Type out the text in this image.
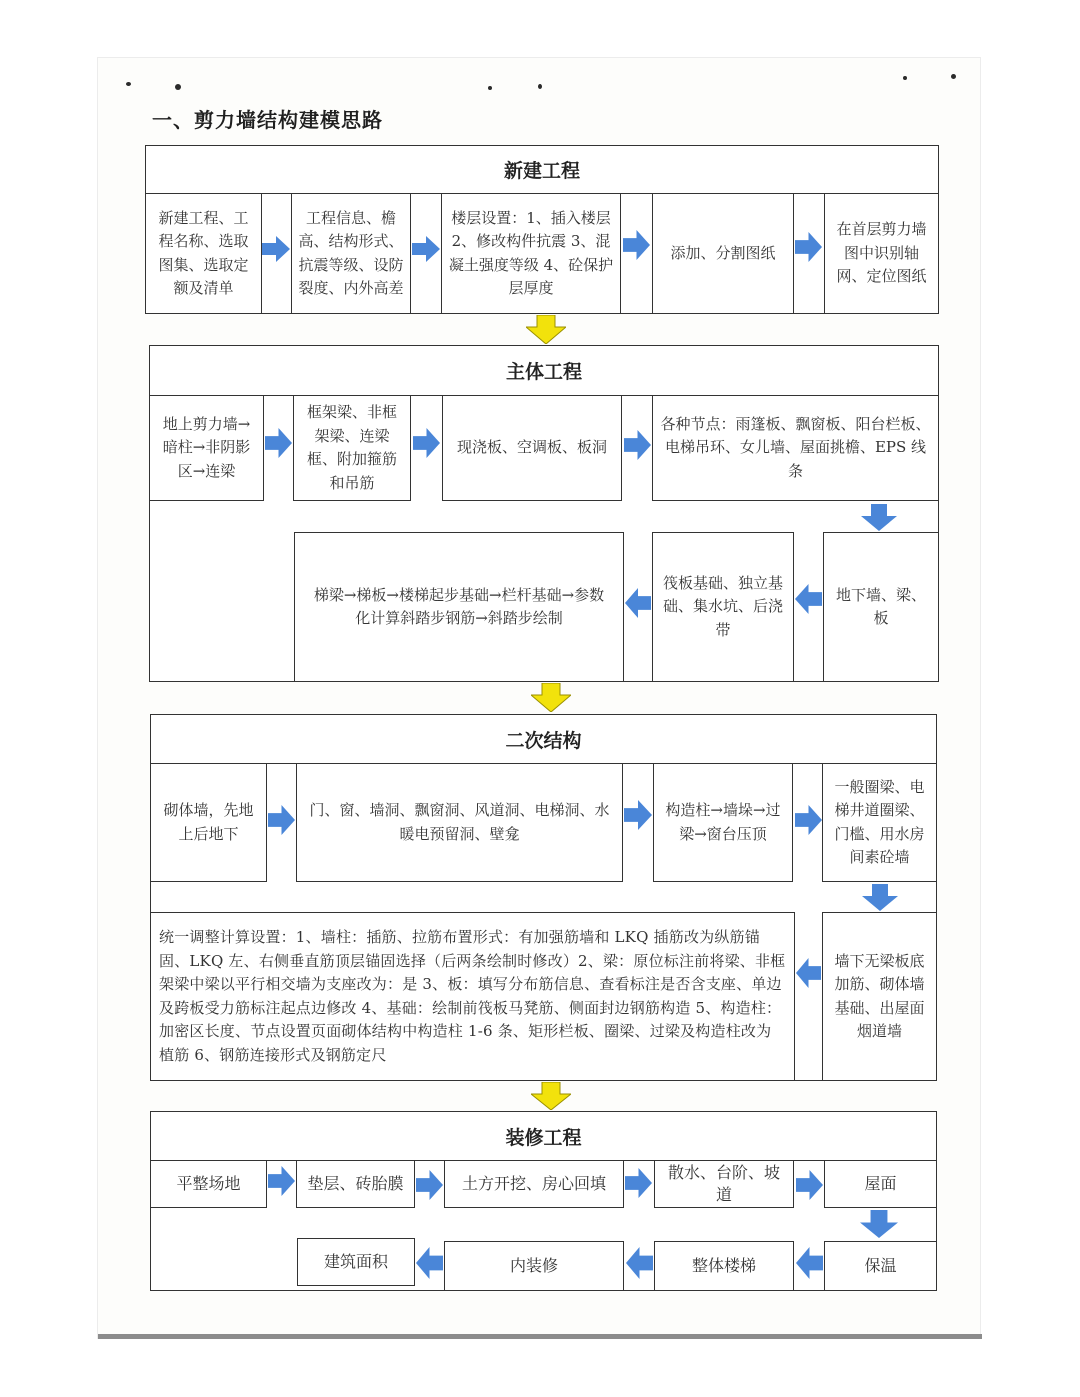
一、剪力墙结构建模思路
新建工程
新建工程、工程名称、选取图集、选取定额及清单
工程信息、檐高、结构形式、抗震等级、设防裂度、内外高差
楼层设置：1、插入楼层 2、修改构件抗震 3、混凝土强度等级 4、砼保护层厚度
添加、分割图纸
在首层剪力墙图中识别轴网、定位图纸
主体工程
地上剪力墙→暗柱→非阴影区→连梁
框架梁、非框架梁、连梁框、附加箍筋和吊筋
现浇板、空调板、板洞
各种节点：雨篷板、飘窗板、阳台栏板、电梯吊环、女儿墙、屋面挑檐、EPS 线条
地下墙、梁、板
筏板基础、独立基础、集水坑、后浇带
梯梁→梯板→楼梯起步基础→栏杆基础→参数化计算斜踏步钢筋→斜踏步绘制
二次结构
砌体墙，先地上后地下
门、窗、墙洞、飘窗洞、风道洞、电梯洞、水暖电预留洞、壁龛
构造柱→墙垛→过梁→窗台压顶
一般圈梁、电梯井道圈梁、门槛、用水房间素砼墙
墙下无梁板底加筋、砌体墙基础、出屋面烟道墙
统一调整计算设置：1、墙柱：插筋、拉筋布置形式：有加强筋墙和 LKQ 插筋改为纵筋锚固、LKQ 左、右侧垂直筋顶层锚固选择（后两条绘制时修改）2、梁：原位标注前将梁、非框架梁中梁以平行相交墙为支座改为：是 3、板：填写分布筋信息、查看标注是否含支座、单边及跨板受力筋标注起点边修改 4、基础：绘制前筏板马凳筋、侧面封边钢筋构造 5、构造柱：加密区长度、节点设置页面砌体结构中构造柱 1-6 条、矩形栏板、圈梁、过梁及构造柱改为植筋 6、钢筋连接形式及钢筋定尺
装修工程
平整场地	垫层、砖胎膜	土方开挖、房心回填
散水、台阶、坡道
屋面
保温
整体楼梯
内装修
建筑面积
